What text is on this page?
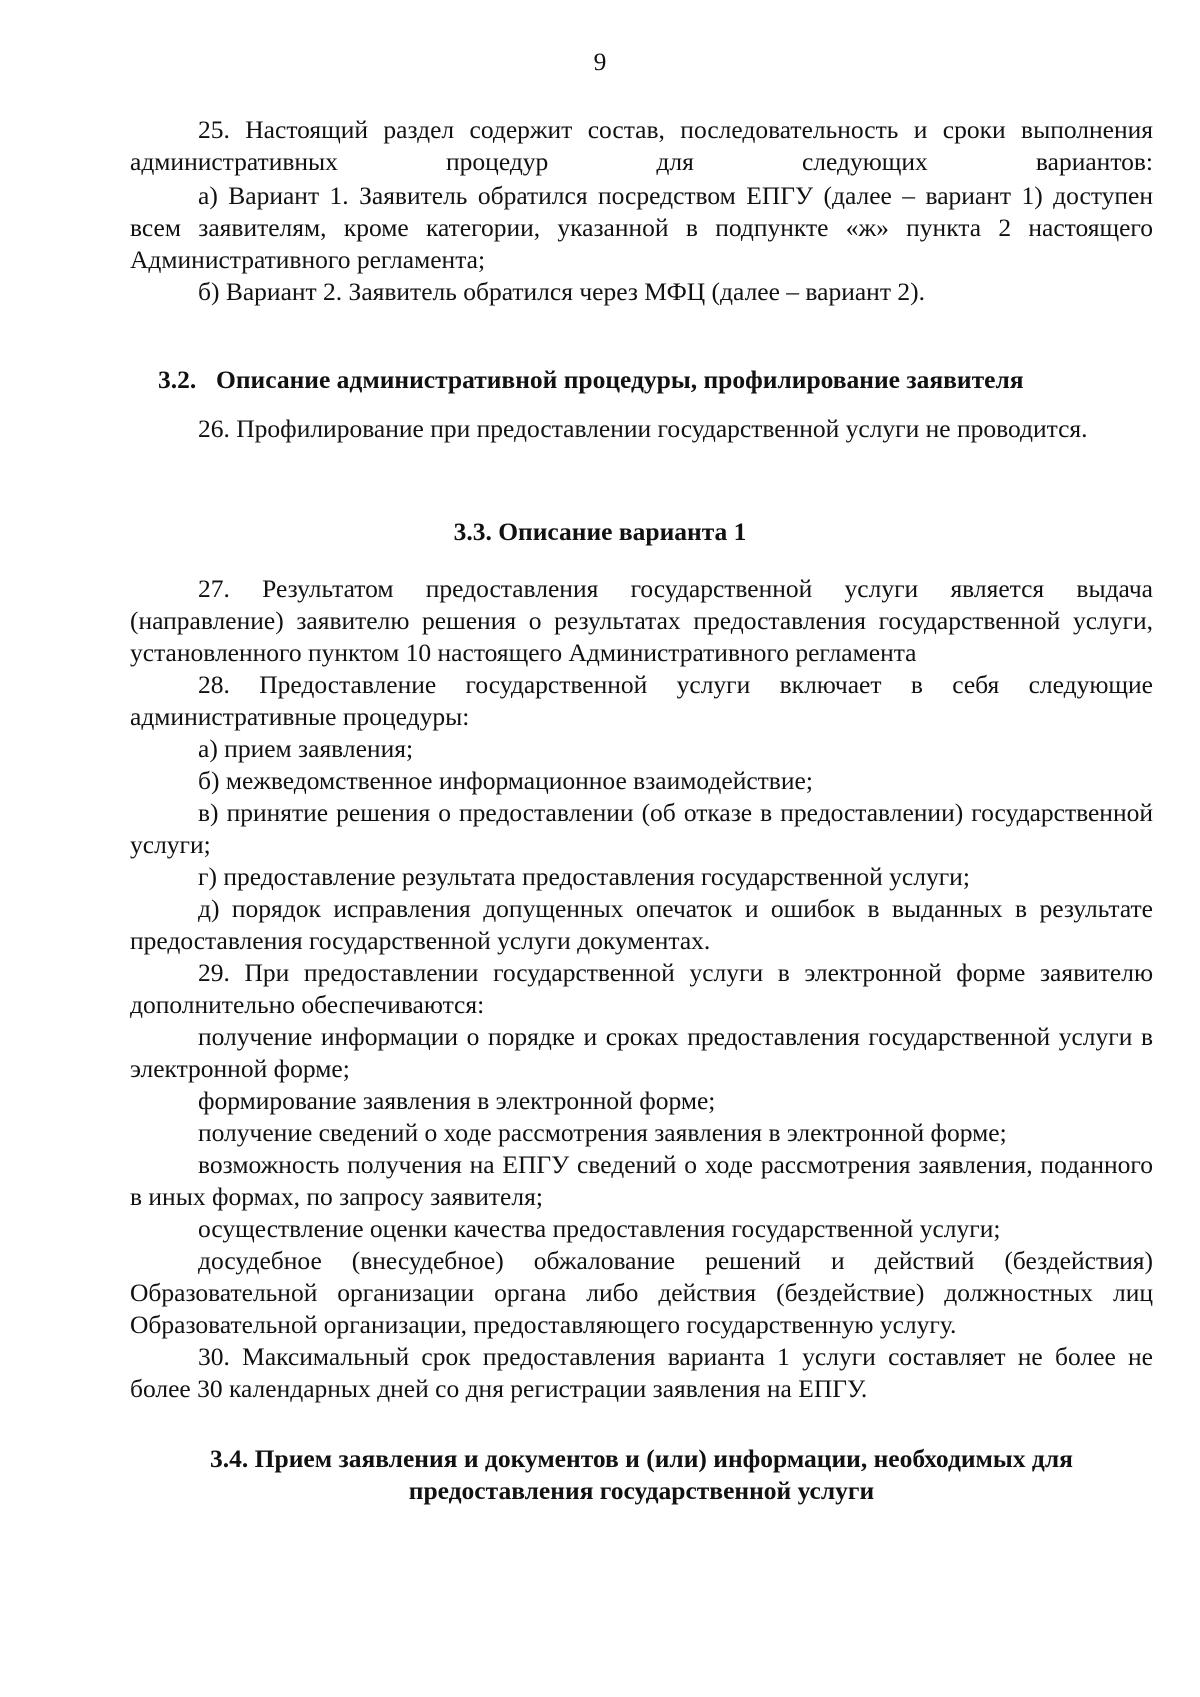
9

25. Настоящий раздел содержит состав, последовательность и сроки выполнения административных процедур для следующих вариантов:

а) Вариант 1. Заявитель обратился посредством ЕПГУ (далее – вариант 1) доступен всем заявителям, кроме категории, указанной в подпункте «ж» пункта 2 настоящего Административного регламента;

б) Вариант 2. Заявитель обратился через МФЦ (далее – вариант 2).

3.2. Описание административной процедуры, профилирование заявителя

26. Профилирование при предоставлении государственной услуги не проводится.

3.3. Описание варианта 1

27. Результатом предоставления государственной услуги является выдача (направление) заявителю решения о результатах предоставления государственной услуги, установленного пунктом 10 настоящего Административного регламента

28. Предоставление государственной услуги включает в себя следующие административные процедуры:

а) прием заявления;

б) межведомственное информационное взаимодействие;

в) принятие решения о предоставлении (об отказе в предоставлении) государственной услуги;

г) предоставление результата предоставления государственной услуги;

д) порядок исправления допущенных опечаток и ошибок в выданных в результате предоставления государственной услуги документах.

29. При предоставлении государственной услуги в электронной форме заявителю дополнительно обеспечиваются:

получение информации о порядке и сроках предоставления государственной услуги в электронной форме;

формирование заявления в электронной форме;

получение сведений о ходе рассмотрения заявления в электронной форме;

возможность получения на ЕПГУ сведений о ходе рассмотрения заявления, поданного в иных формах, по запросу заявителя;

осуществление оценки качества предоставления государственной услуги;

досудебное (внесудебное) обжалование решений и действий (бездействия) Образовательной организации органа либо действия (бездействие) должностных лиц Образовательной организации, предоставляющего государственную услугу.

30. Максимальный срок предоставления варианта 1 услуги составляет не более не более 30 календарных дней со дня регистрации заявления на ЕПГУ.

3.4. Прием заявления и документов и (или) информации, необходимых для предоставления государственной услуги
